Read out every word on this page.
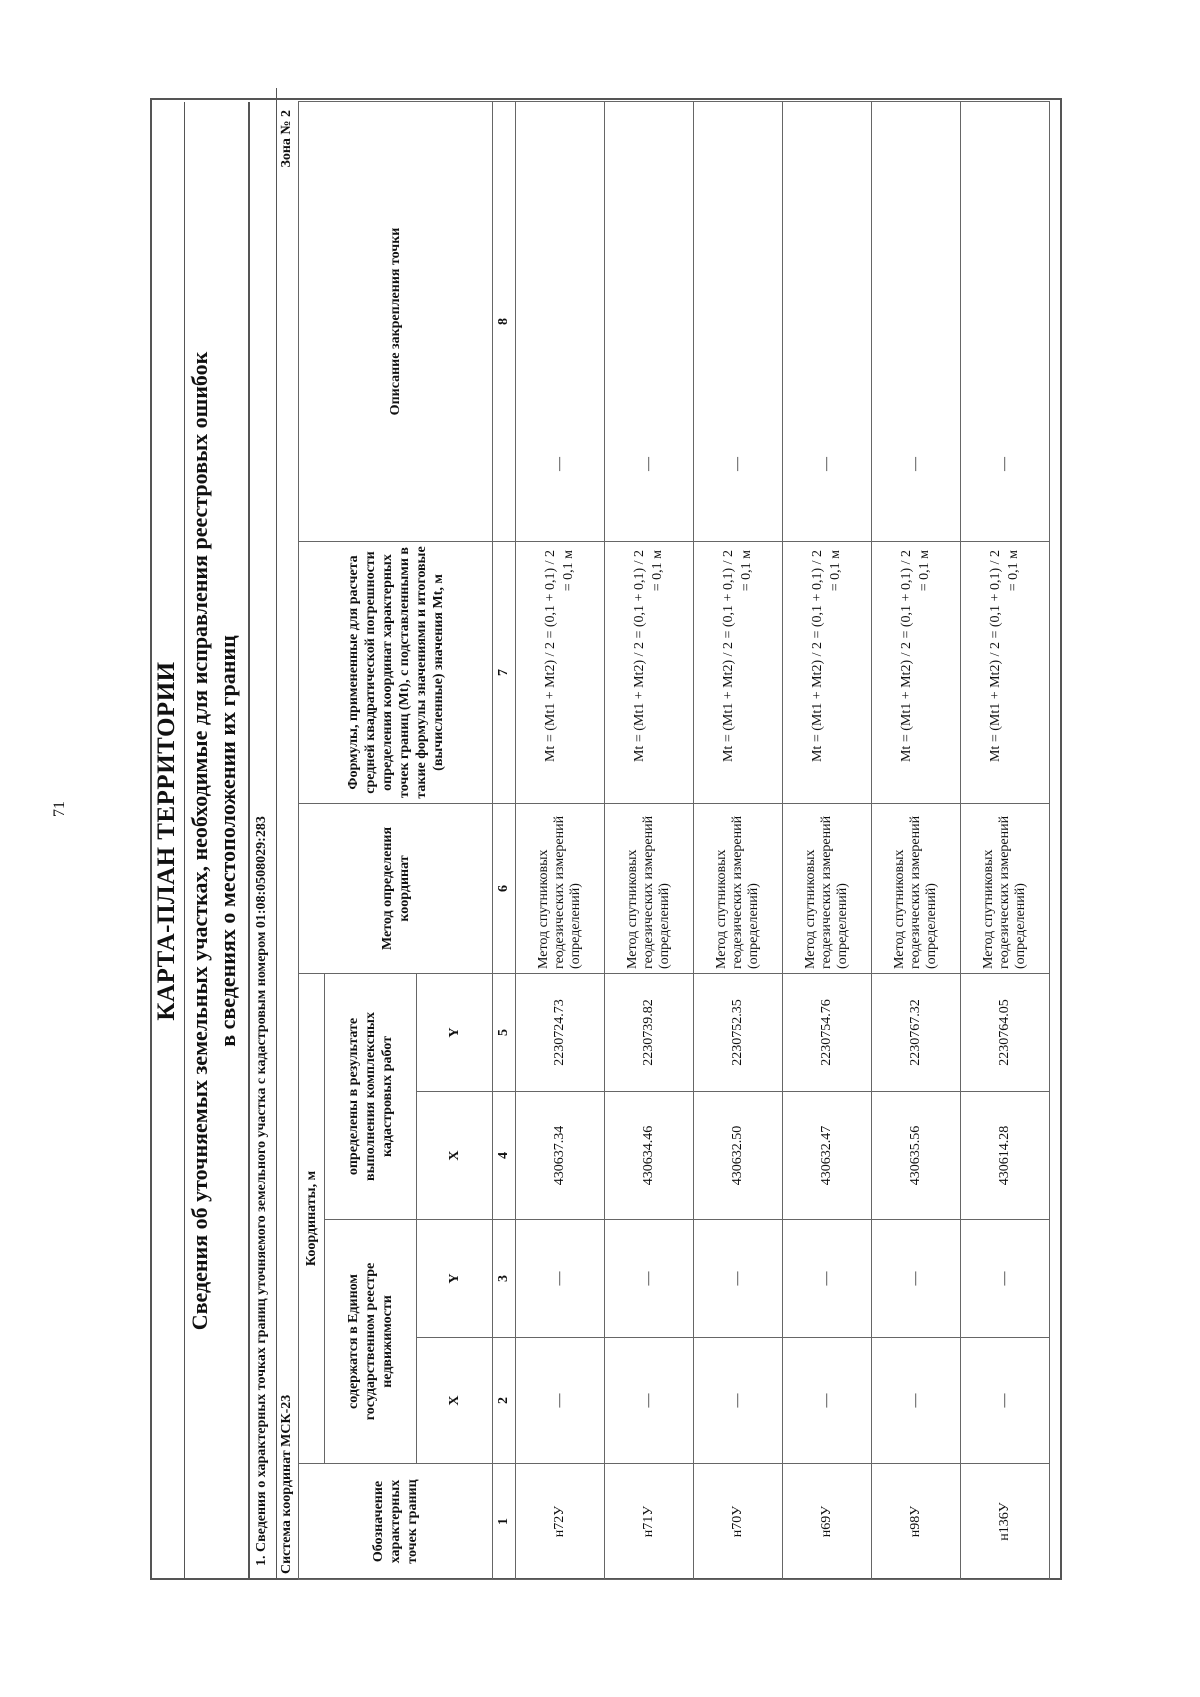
71	КАРТА-ПЛАН ТЕРРИТОРИИ Сведения об уточняемых земельных участках, необходимые для исправления реестровых ошибок в сведениях о местоположении их границ	1. Сведения о характерных точках границ уточняемого земельного участка с кадастровым номером 01:08:0508029:283 Система координат МСК-23
Зона № 2
Обозначение характерных точек границ	Координаты, м				Метод определения координат	Формулы, примененные для расчета средней квадратической погрешности определения координат характерных точек границ (Mt), с подставленными в такие формулы значениями и итоговые (вычисленные) значения Mt, м	Описание закрепления точки
	содержатся в Едином государственном реестре недвижимости		определены в результате выполнения комплексных кадастровых работ				
	X	Y	X	Y			
1	2	3	4	5	6	7	8
н72У	—	—	430637.34	2230724.73	Метод спутниковых геодезических измерений (определений)	Mt = (Mt1 + Mt2) / 2 = (0,1 + 0,1) / 2 = 0,1 м	—
н71У	—	—	430634.46	2230739.82	Метод спутниковых геодезических измерений (определений)	Mt = (Mt1 + Mt2) / 2 = (0,1 + 0,1) / 2 = 0,1 м	—
н70У	—	—	430632.50	2230752.35	Метод спутниковых геодезических измерений (определений)	Mt = (Mt1 + Mt2) / 2 = (0,1 + 0,1) / 2 = 0,1 м	—
н69У	—	—	430632.47	2230754.76	Метод спутниковых геодезических измерений (определений)	Mt = (Mt1 + Mt2) / 2 = (0,1 + 0,1) / 2 = 0,1 м	—
н98У	—	—	430635.56	2230767.32	Метод спутниковых геодезических измерений (определений)	Mt = (Mt1 + Mt2) / 2 = (0,1 + 0,1) / 2 = 0,1 м	—
н136У	—	—	430614.28	2230764.05	Метод спутниковых геодезических измерений (определений)	Mt = (Mt1 + Mt2) / 2 = (0,1 + 0,1) / 2 = 0,1 м	—
